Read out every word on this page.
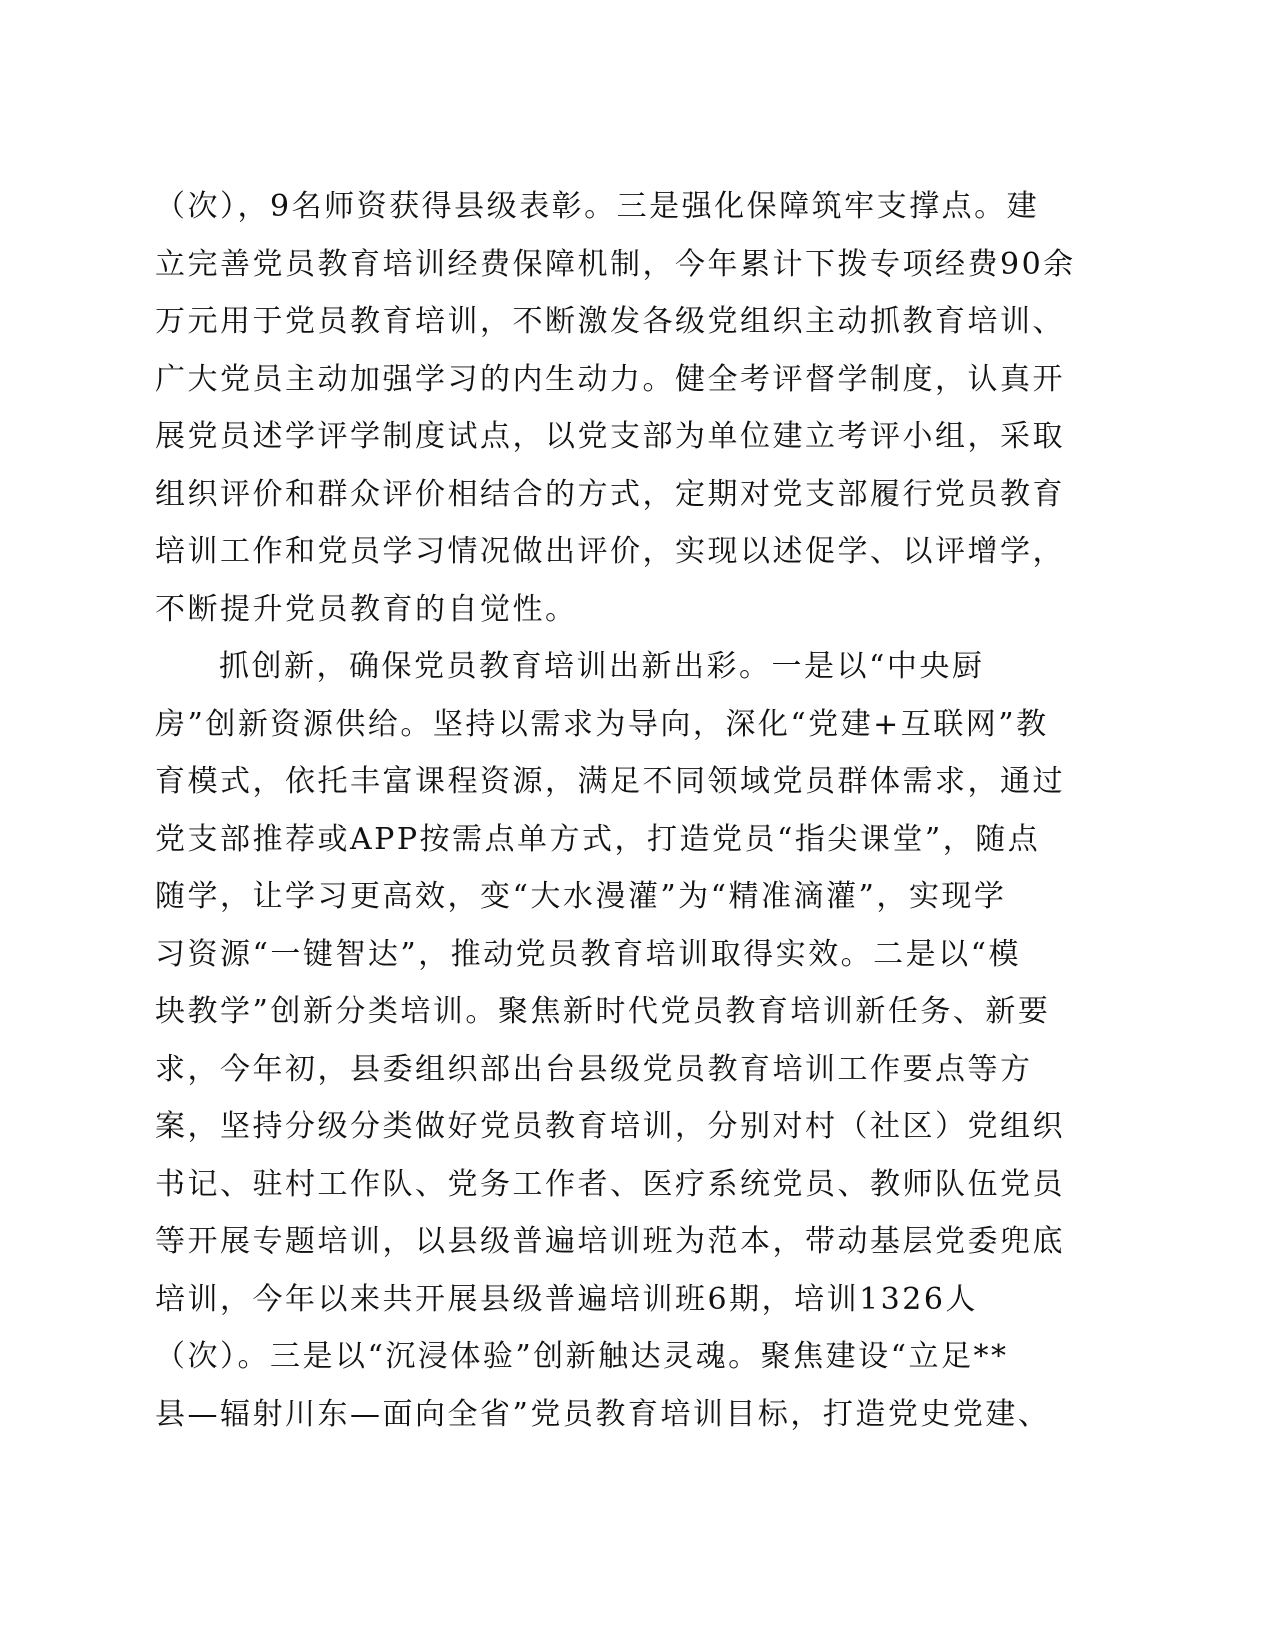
（次），9名师资获得县级表彰。三是强化保障筑牢支撑点。建
立完善党员教育培训经费保障机制，今年累计下拨专项经费90余
万元用于党员教育培训，不断激发各级党组织主动抓教育培训、
广大党员主动加强学习的内生动力。健全考评督学制度，认真开
展党员述学评学制度试点，以党支部为单位建立考评小组，采取
组织评价和群众评价相结合的方式，定期对党支部履行党员教育
培训工作和党员学习情况做出评价，实现以述促学、以评增学，
不断提升党员教育的自觉性。
抓创新，确保党员教育培训出新出彩。一是以“中央厨
房”创新资源供给。坚持以需求为导向，深化“党建+互联网”教
育模式，依托丰富课程资源，满足不同领域党员群体需求，通过
党支部推荐或APP按需点单方式，打造党员“指尖课堂”，随点
随学，让学习更高效，变“大水漫灌”为“精准滴灌”，实现学
习资源“一键智达”，推动党员教育培训取得实效。二是以“模
块教学”创新分类培训。聚焦新时代党员教育培训新任务、新要
求，今年初，县委组织部出台县级党员教育培训工作要点等方
案，坚持分级分类做好党员教育培训，分别对村（社区）党组织
书记、驻村工作队、党务工作者、医疗系统党员、教师队伍党员
等开展专题培训，以县级普遍培训班为范本，带动基层党委兜底
培训，今年以来共开展县级普遍培训班6期，培训1326人
（次）。三是以“沉浸体验”创新触达灵魂。聚焦建设“立足**
县—辐射川东—面向全省”党员教育培训目标，打造党史党建、
